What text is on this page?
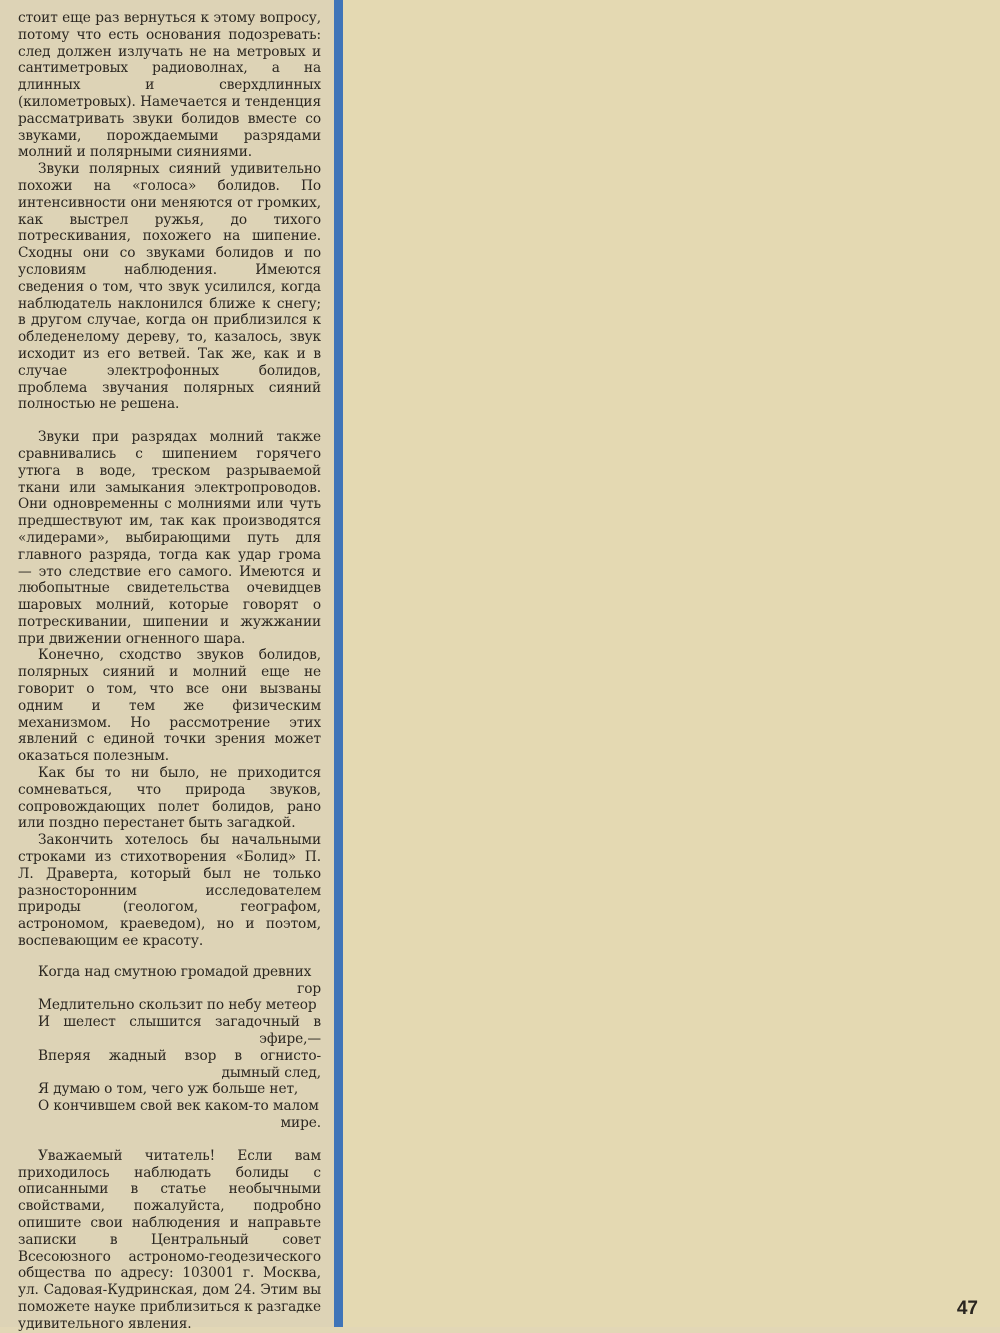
стоит еще раз вернуться к этому вопросу, потому что есть основания подозревать: след должен излучать не на метровых и сантиметровых радиоволнах, а на длинных и сверхдлинных (километровых). Намечается и тенденция рассматривать звуки болидов вместе со звуками, порождаемыми разрядами молний и полярными сияниями.

Звуки полярных сияний удивительно похожи на «голоса» болидов. По интенсивности они меняются от громких, как выстрел ружья, до тихого потрескивания, похожего на шипение. Сходны они со звуками болидов и по условиям наблюдения. Имеются сведения о том, что звук усилился, когда наблюдатель наклонился ближе к снегу; в другом случае, когда он приблизился к обледенелому дереву, то, казалось, звук исходит из его ветвей. Так же, как и в случае электрофонных болидов, проблема звучания полярных сияний полностью не решена.

Звуки при разрядах молний также сравнивались с шипением горячего утюга в воде, треском разрываемой ткани или замыкания электропроводов. Они одновременны с молниями или чуть предшествуют им, так как производятся «лидерами», выбирающими путь для главного разряда, тогда как удар грома — это следствие его самого. Имеются и любопытные свидетельства очевидцев шаровых молний, которые говорят о потрескивании, шипении и жужжании при движении огненного шара.

Конечно, сходство звуков болидов, полярных сияний и молний еще не говорит о том, что все они вызваны одним и тем же физическим механизмом. Но рассмотрение этих явлений с единой точки зрения может оказаться полезным.

Как бы то ни было, не приходится сомневаться, что природа звуков, сопровождающих полет болидов, рано или поздно перестанет быть загадкой.

Закончить хотелось бы начальными строками из стихотворения «Болид» П. Л. Драверта, который был не только разносторонним исследователем природы (геологом, географом, астрономом, краеведом), но и поэтом, воспевающим ее красоту.

Когда над смутною громадой древних
гор
Медлительно скользит по небу метеор
И шелест слышится загадочный в
эфире,—
Вперяя жадный взор в огнисто-
дымный след,
Я думаю о том, чего уж больше нет,
О кончившем свой век каком-то малом
мире.

Уважаемый читатель! Если вам приходилось наблюдать болиды с описанными в статье необычными свойствами, пожалуйста, подробно опишите свои наблюдения и направьте записки в Центральный совет Всесоюзного астрономо-геодезического общества по адресу: 103001 г. Москва, ул. Садовая-Кудринская, дом 24. Этим вы поможете науке приблизиться к разгадке удивительного явления.

47
